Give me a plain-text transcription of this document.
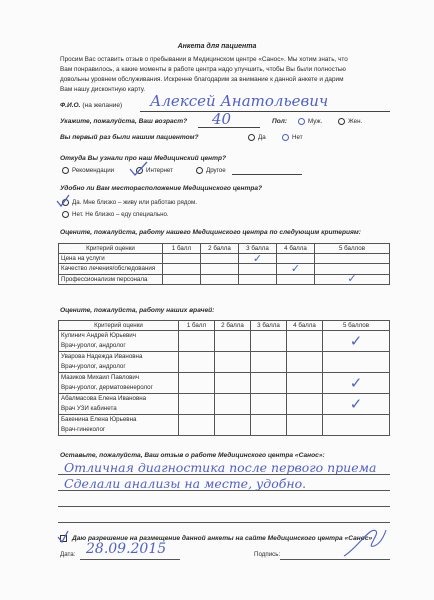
Анкета для пациента
Просим Вас оставить отзыв о пребывании в Медицинском центре «Санос». Мы хотим знать, что
Вам понравилось, а какие моменты в работе центра надо улучшить, чтобы Вы были полностью
довольны уровнем обслуживания. Искренне благодарим за внимание к данной анкете и дарим
Вам нашу дисконтную карту.
Ф.И.О. (на желание) Алексей Анатольевич
Укажите, пожалуйста, Ваш возраст? 40	Пол:	Муж.	Жен.
Вы первый раз были нашим пациентом?	Да	Нет
Откуда Вы узнали про наш Медицинский центр?
Рекомендации	Интернет	Другое
Удобно ли Вам месторасположение Медицинского центра?
Да. Мне близко – живу или работаю рядом.
Нет. Не близко – еду специально.
Оцените, пожалуйста, работу нашего Медицинского центра по следующим критериям:
Критерий оценки	1 балл	2 балла	3 балла	4 балла	5 баллов
Цена на услуги			✓		
Качество лечения/обследования				✓	
Профессионализм персонала					✓
Оцените, пожалуйста, работу наших врачей:
Критерий оценки	1 балл	2 балла	3 балла	4 балла	5 баллов

Кулинич Андрей Юрьевич
Врач-уролог, андролог					✓

Уварова Надежда Ивановна
Врач-уролог, андролог					

Мазиков Михаил Павлович
Врач-уролог, дерматовенеролог					✓

Абалмасова Елена Ивановна
Врач УЗИ кабинета					✓

Бакенина Елена Юрьевна
Врач-гинеколог					

Оставьте, пожалуйста, Ваш отзыв о работе Медицинского центра «Санос»:
Отличная диагностика после первого приема
Сделали анализы на месте, удобно.
Даю разрешение на размещение данной анкеты на сайте Медицинского центра «Санос»
Дата: 28.09.2015	Подпись:
